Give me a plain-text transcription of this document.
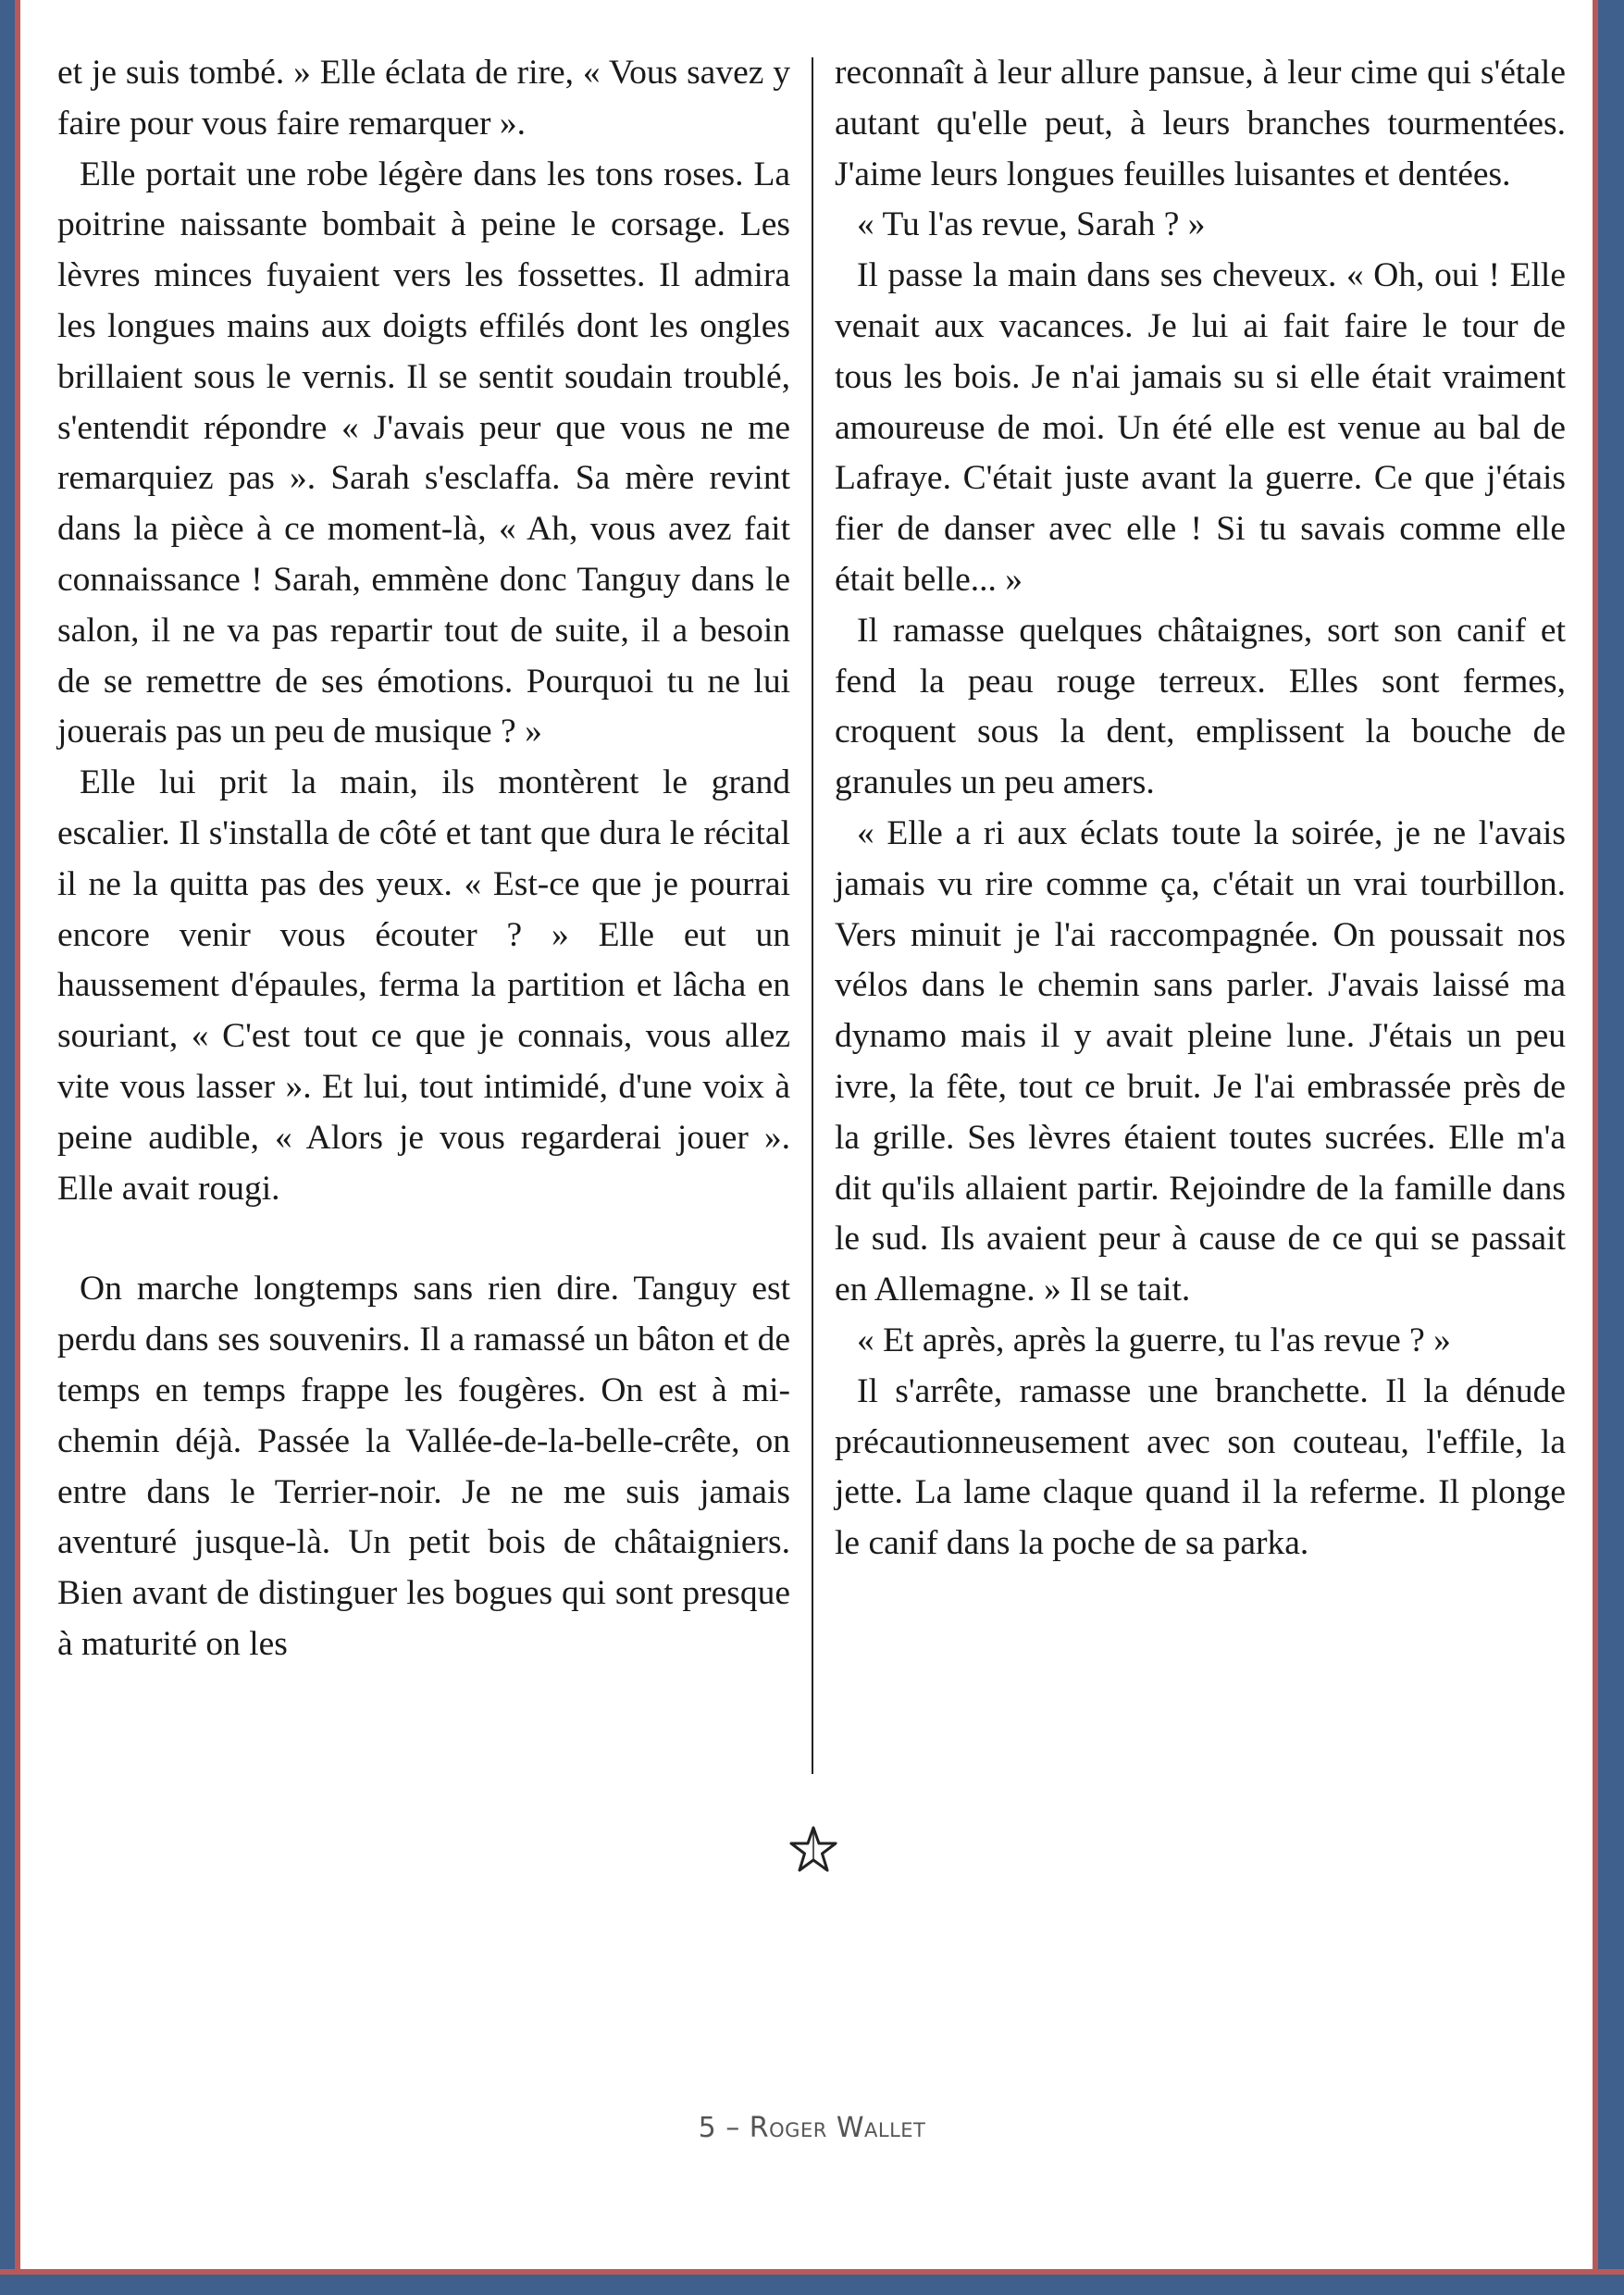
et je suis tombé. » Elle éclata de rire, « Vous savez y faire pour vous faire remarquer ».

Elle portait une robe légère dans les tons roses. La poitrine naissante bombait à peine le corsage. Les lèvres minces fuyaient vers les fossettes. Il admira les longues mains aux doigts effilés dont les ongles brillaient sous le vernis. Il se sentit soudain troublé, s'entendit répondre « J'avais peur que vous ne me remarquiez pas ». Sarah s'esclaffa. Sa mère revint dans la pièce à ce moment-là, « Ah, vous avez fait connaissance ! Sarah, emmène donc Tanguy dans le salon, il ne va pas repartir tout de suite, il a besoin de se remettre de ses émotions. Pourquoi tu ne lui jouerais pas un peu de musique ? »

Elle lui prit la main, ils montèrent le grand escalier. Il s'installa de côté et tant que dura le récital il ne la quitta pas des yeux. « Est-ce que je pourrai encore venir vous écouter ? » Elle eut un haussement d'épaules, ferma la partition et lâcha en souriant, « C'est tout ce que je connais, vous allez vite vous lasser ». Et lui, tout intimidé, d'une voix à peine audible, « Alors je vous regarderai jouer ». Elle avait rougi.

On marche longtemps sans rien dire. Tanguy est perdu dans ses souvenirs. Il a ramassé un bâton et de temps en temps frappe les fougères. On est à mi-chemin déjà. Passée la Vallée-de-la-belle-crête, on entre dans le Terrier-noir. Je ne me suis jamais aventuré jusque-là. Un petit bois de châtaigniers. Bien avant de distinguer les bogues qui sont presque à maturité on les

reconnaît à leur allure pansue, à leur cime qui s'étale autant qu'elle peut, à leurs branches tourmentées. J'aime leurs longues feuilles luisantes et dentées.

« Tu l'as revue, Sarah ? »

Il passe la main dans ses cheveux. « Oh, oui ! Elle venait aux vacances. Je lui ai fait faire le tour de tous les bois. Je n'ai jamais su si elle était vraiment amoureuse de moi. Un été elle est venue au bal de Lafraye. C'était juste avant la guerre. Ce que j'étais fier de danser avec elle ! Si tu savais comme elle était belle... »

Il ramasse quelques châtaignes, sort son canif et fend la peau rouge terreux. Elles sont fermes, croquent sous la dent, emplissent la bouche de granules un peu amers.

« Elle a ri aux éclats toute la soirée, je ne l'avais jamais vu rire comme ça, c'était un vrai tourbillon. Vers minuit je l'ai raccompagnée. On poussait nos vélos dans le chemin sans parler. J'avais laissé ma dynamo mais il y avait pleine lune. J'étais un peu ivre, la fête, tout ce bruit. Je l'ai embrassée près de la grille. Ses lèvres étaient toutes sucrées. Elle m'a dit qu'ils allaient partir. Rejoindre de la famille dans le sud. Ils avaient peur à cause de ce qui se passait en Allemagne. » Il se tait.

« Et après, après la guerre, tu l'as revue ? »

Il s'arrête, ramasse une branchette. Il la dénude précautionneusement avec son couteau, l'effile, la jette. La lame claque quand il la referme. Il plonge le canif dans la poche de sa parka.

5 – Roger Wallet
